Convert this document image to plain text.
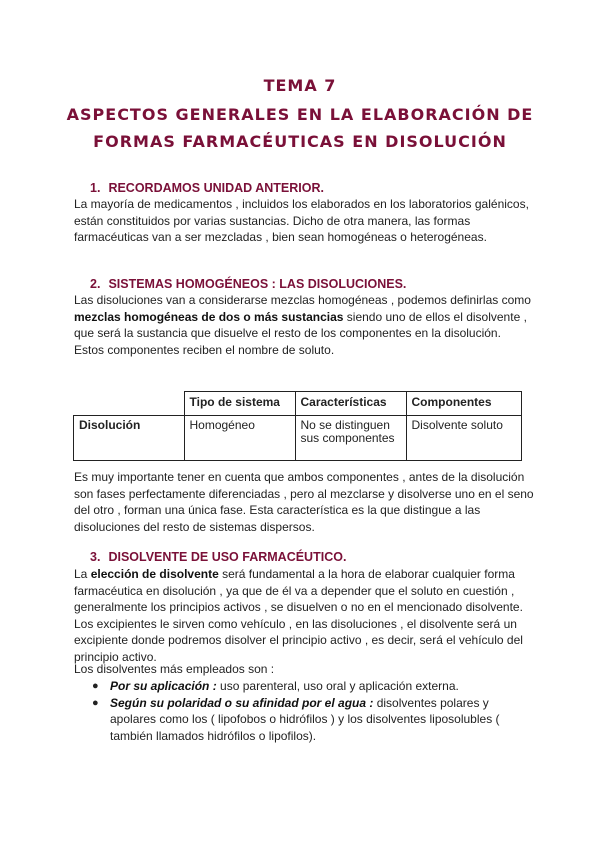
TEMA 7
ASPECTOS GENERALES EN LA ELABORACIÓN DE
FORMAS FARMACÉUTICAS EN DISOLUCIÓN
1. RECORDAMOS UNIDAD ANTERIOR.
La mayoría de medicamentos , incluidos los elaborados en los laboratorios galénicos, están constituidos por varias sustancias. Dicho de otra manera, las formas farmacéuticas van a ser mezcladas , bien sean homogéneas o heterogéneas.
2. SISTEMAS HOMOGÉNEOS : LAS DISOLUCIONES.
Las disoluciones van a considerarse mezclas homogéneas , podemos definirlas como mezclas homogéneas de dos o más sustancias siendo uno de ellos el disolvente , que será la sustancia que disuelve el resto de los componentes en la disolución. Estos componentes reciben el nombre de soluto.
	Tipo de sistema	Características	Componentes
Disolución	Homogéneo	No se distinguen sus componentes	Disolvente soluto
Es muy importante tener en cuenta que ambos componentes , antes de la disolución son fases perfectamente diferenciadas , pero al mezclarse y disolverse uno en el seno del otro , forman una única fase. Esta característica es la que distingue a las disoluciones del resto de sistemas dispersos.
3. DISOLVENTE DE USO FARMACÉUTICO.
La elección de disolvente será fundamental a la hora de elaborar cualquier forma farmacéutica en disolución , ya que de él va a depender que el soluto en cuestión , generalmente los principios activos , se disuelven o no en el mencionado disolvente. Los excipientes le sirven como vehículo , en las disoluciones , el disolvente será un excipiente donde podremos disolver el principio activo , es decir, será el vehículo del principio activo.
Los disolventes más empleados son :

● Por su aplicación : uso parenteral, uso oral y aplicación externa.

● Según su polaridad o su afinidad por el agua : disolventes polares y apolares como los ( lipofobos o hidrófilos ) y los disolventes liposolubles ( también llamados hidrófilos o lipofilos).
